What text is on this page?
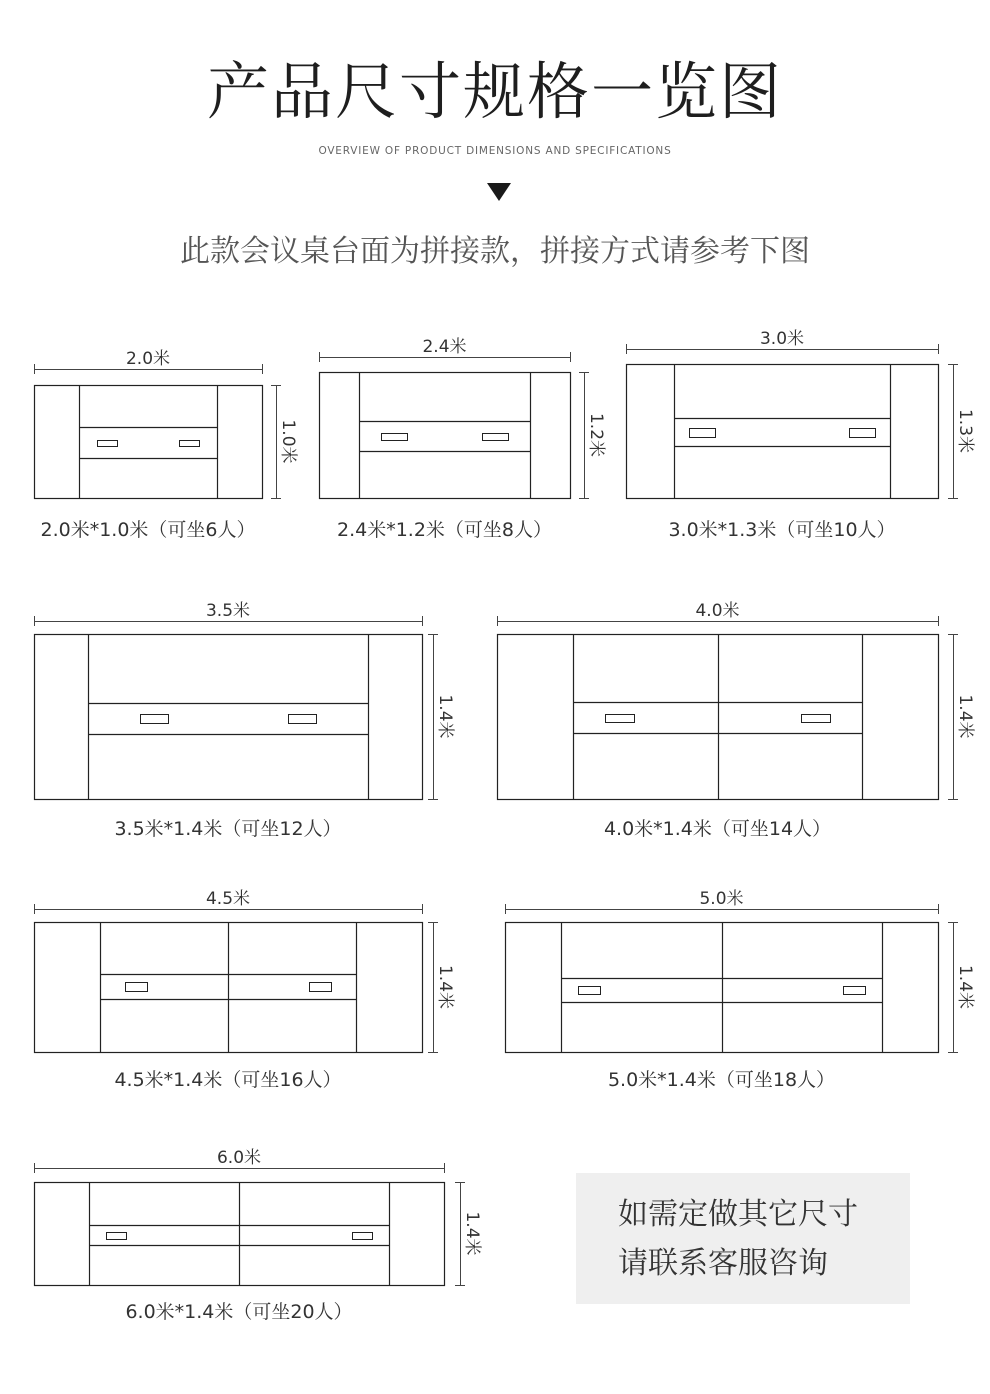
产品尺寸规格一览图
OVERVIEW OF PRODUCT DIMENSIONS AND SPECIFICATIONS
此款会议桌台面为拼接款，拼接方式请参考下图
2.0米
1.0米
2.4米
1.2米
3.0米
1.3米
3.5米
1.4米
4.0米
1.4米
4.5米
1.4米
5.0米
1.4米
6.0米
1.4米
2.0米*1.0米（可坐6人）	2.4米*1.2米（可坐8人）	3.0米*1.3米（可坐10人）
3.5米*1.4米（可坐12人）	4.0米*1.4米（可坐14人）
4.5米*1.4米（可坐16人）	5.0米*1.4米（可坐18人）
6.0米*1.4米（可坐20人）
如需定做其它尺寸
请联系客服咨询
